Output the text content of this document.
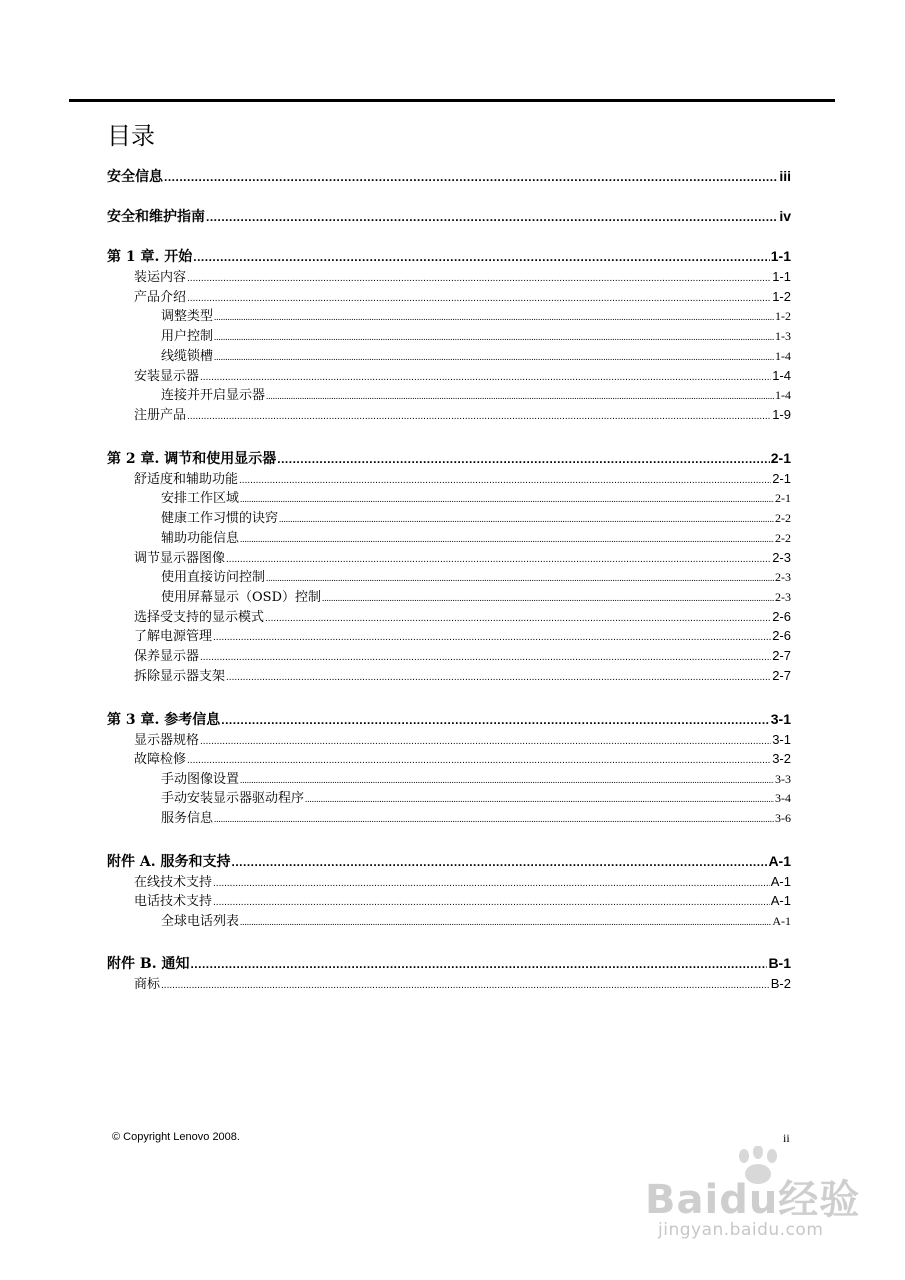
目录
安全信息 .....	iii
安全和维护指南 .....	iv
第 1 章. 开始 .....	1-1
装运内容 .....	1-1
产品介绍 .....	1-2
调整类型 .....	1-2
用户控制 .....	1-3
线缆锁槽 .....	1-4
安装显示器 .....	1-4
连接并开启显示器 .....	1-4
注册产品 .....	1-9
第 2 章. 调节和使用显示器 .....	2-1
舒适度和辅助功能 .....	2-1
安排工作区域 .....	2-1
健康工作习惯的诀窍 .....	2-2
辅助功能信息 .....	2-2
调节显示器图像 .....	2-3
使用直接访问控制 .....	2-3
使用屏幕显示（OSD）控制 .....	2-3
选择受支持的显示模式 .....	2-6
了解电源管理 .....	2-6
保养显示器 .....	2-7
拆除显示器支架 .....	2-7
第 3 章. 参考信息 .....	3-1
显示器规格 .....	3-1
故障检修 .....	3-2
手动图像设置 .....	3-3
手动安装显示器驱动程序 .....	3-4
服务信息 .....	3-6
附件 A. 服务和支持 .....	A-1
在线技术支持 .....	A-1
电话技术支持 .....	A-1
全球电话列表 .....	A-1
附件 B. 通知 .....	B-1
商标 .....	B-2
© Copyright Lenovo 2008.	ii
Baidu经验
jingyan.baidu.com
